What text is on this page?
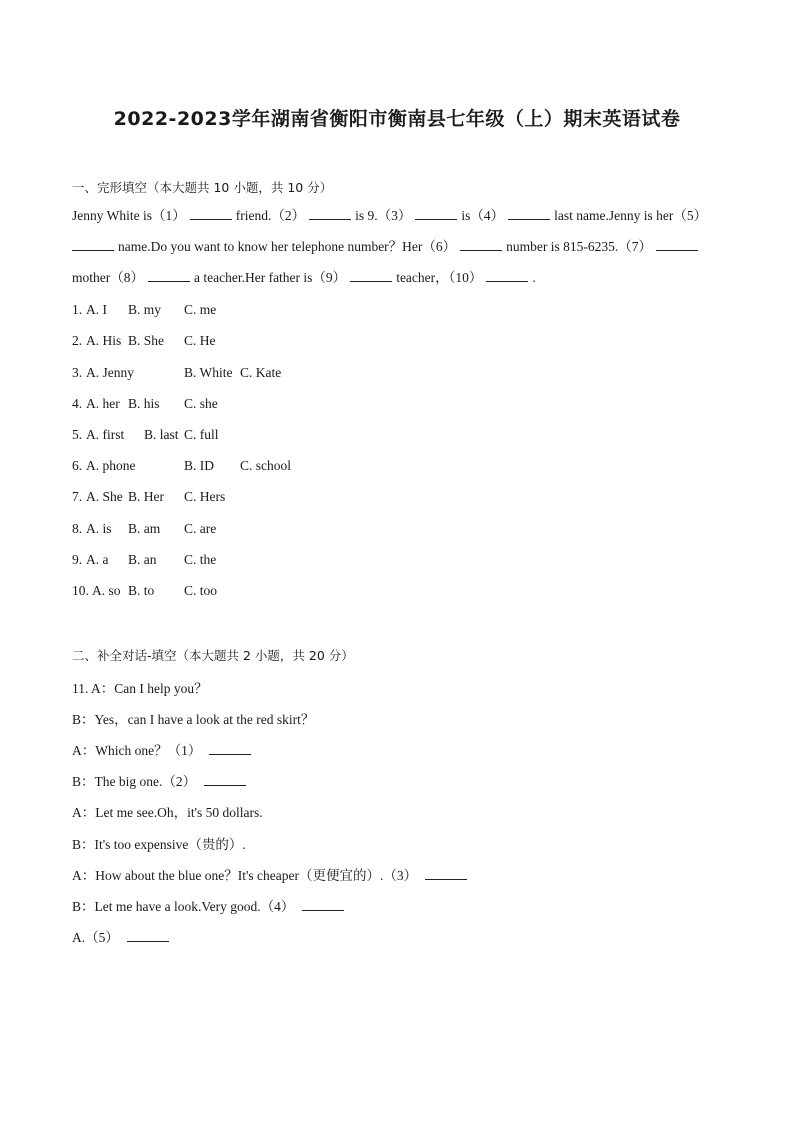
2022-2023学年湖南省衡阳市衡南县七年级（上）期末英语试卷
一、完形填空（本大题共 10 小题，共 10 分）
Jenny White is（1）	friend.（2）	is 9.（3）	is（4）	last name.Jenny is her（5）
name.Do you want to know her telephone number？Her（6）	number is 815-6235.（7）
mother（8）	a teacher.Her father is（9）	teacher，（10）	.
1. A. I B. my C. me
2. A. His B. She C. He
3. A. Jenny	B. White C. Kate
4. A. her B. his C. she
5. A. first B. last C. full
6. A. phone	B. ID C. school
7. A. She B. Her C. Hers
8. A. is B. am C. are
9. A. a B. an C. the
10. A. so B. to C. too
二、补全对话-填空（本大题共 2 小题，共 20 分）
11. A：Can I help you？
B：Yes，can I have a look at the red skirt？
A：Which one？（1）
B：The big one.（2）
A：Let me see.Oh，it's 50 dollars.
B：It's too expensive（贵的）.
A：How about the blue one？It's cheaper（更便宜的）.（3）
B：Let me have a look.Very good.（4）
A.（5）
